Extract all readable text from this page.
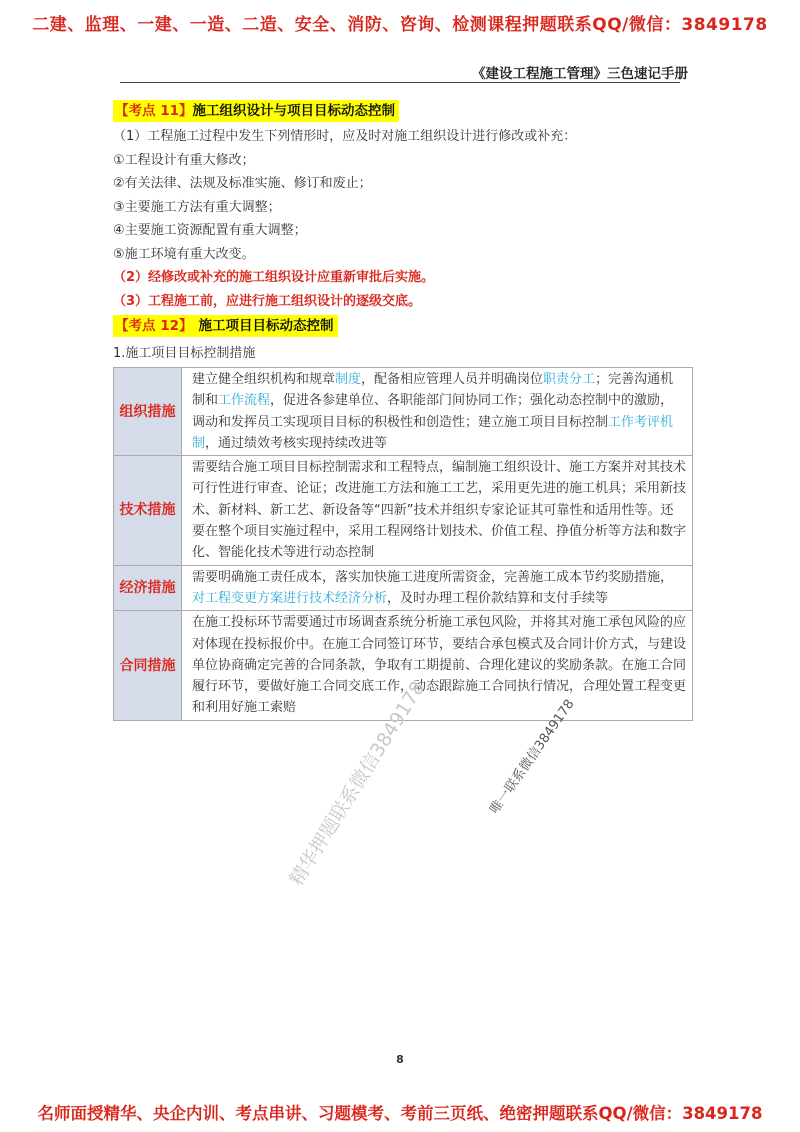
二建、监理、一建、一造、二造、安全、消防、咨询、检测课程押题联系QQ/微信：3849178
《建设工程施工管理》三色速记手册
【考点 11】施工组织设计与项目目标动态控制
（1）工程施工过程中发生下列情形时，应及时对施工组织设计进行修改或补充：
①工程设计有重大修改；
②有关法律、法规及标准实施、修订和废止；
③主要施工方法有重大调整；
④主要施工资源配置有重大调整；
⑤施工环境有重大改变。
（2）经修改或补充的施工组织设计应重新审批后实施。
（3）工程施工前，应进行施工组织设计的逐级交底。
【考点 12】 施工项目目标动态控制
1.施工项目目标控制措施
组织措施	建立健全组织机构和规章制度，配备相应管理人员并明确岗位职责分工；完善沟通机制和工作流程，促进各参建单位、各职能部门间协同工作；强化动态控制中的激励，调动和发挥员工实现项目目标的积极性和创造性；建立施工项目目标控制工作考评机制，通过绩效考核实现持续改进等
技术措施	需要结合施工项目目标控制需求和工程特点，编制施工组织设计、施工方案并对其技术可行性进行审查、论证；改进施工方法和施工工艺，采用更先进的施工机具；采用新技术、新材料、新工艺、新设备等“四新”技术并组织专家论证其可靠性和适用性等。还要在整个项目实施过程中，采用工程网络计划技术、价值工程、挣值分析等方法和数字化、智能化技术等进行动态控制
经济措施	需要明确施工责任成本，落实加快施工进度所需资金，完善施工成本节约奖励措施，对工程变更方案进行技术经济分析，及时办理工程价款结算和支付手续等
合同措施	在施工投标环节需要通过市场调查系统分析施工承包风险，并将其对施工承包风险的应对体现在投标报价中。在施工合同签订环节，要结合承包模式及合同计价方式，与建设单位协商确定完善的合同条款，争取有工期提前、合理化建议的奖励条款。在施工合同履行环节，要做好施工合同交底工作，动态跟踪施工合同执行情况，合理处置工程变更和利用好施工索赔
精华押题联系微信3849178	唯一联系微信3849178
8
名师面授精华、央企内训、考点串讲、习题模考、考前三页纸、绝密押题联系QQ/微信：3849178
